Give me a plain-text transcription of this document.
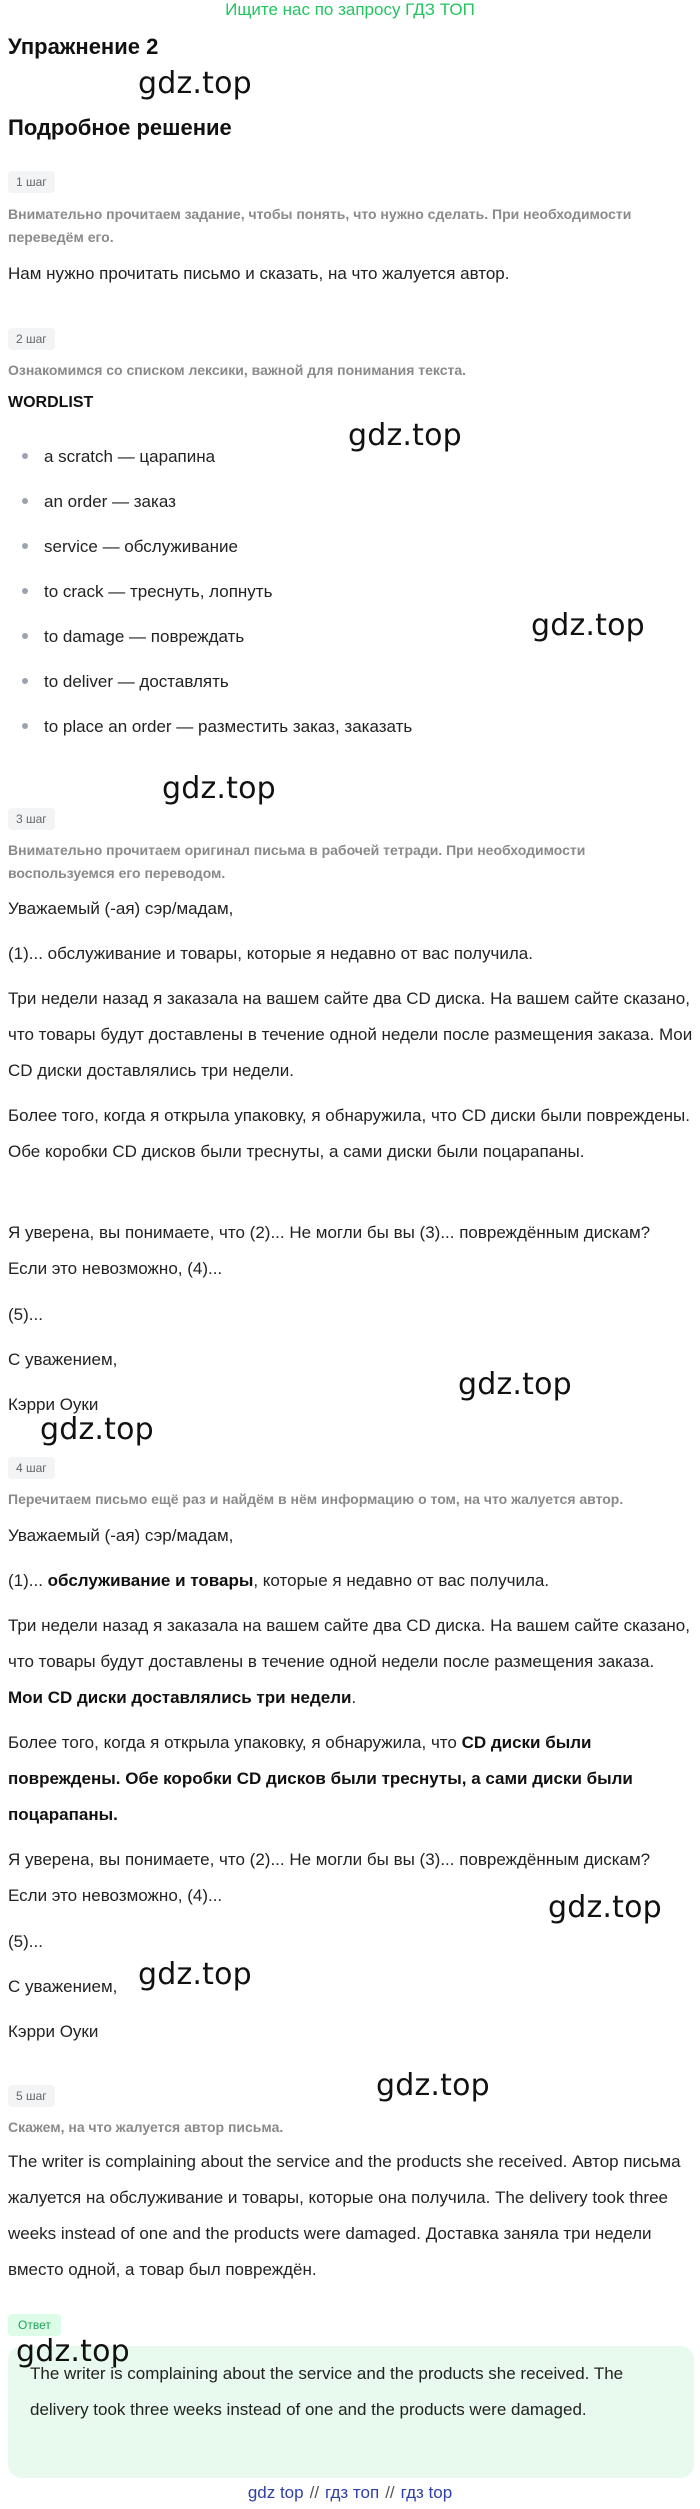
Ищите нас по запросу ГДЗ ТОП
Упражнение 2
gdz.top
Подробное решение
1 шаг
Внимательно прочитаем задание, чтобы понять, что нужно сделать. При необходимости переведём его.
Нам нужно прочитать письмо и сказать, на что жалуется автор.
2 шаг
Ознакомимся со списком лексики, важной для понимания текста.
WORDLIST
gdz.top
a scratch — царапина
an order — заказ
service — обслуживание
to crack — треснуть, лопнуть
gdz.top
to damage — повреждать
to deliver — доставлять
to place an order — разместить заказ, заказать
gdz.top
3 шаг
Внимательно прочитаем оригинал письма в рабочей тетради. При необходимости воспользуемся его переводом.
Уважаемый (-ая) сэр/мадам,
(1)... обслуживание и товары, которые я недавно от вас получила.
Три недели назад я заказала на вашем сайте два CD диска. На вашем сайте сказано, что товары будут доставлены в течение одной недели после размещения заказа. Мои CD диски доставлялись три недели.
Более того, когда я открыла упаковку, я обнаружила, что CD диски были повреждены. Обе коробки CD дисков были треснуты, а сами диски были поцарапаны.
Я уверена, вы понимаете, что (2)... Не могли бы вы (3)... повреждённым дискам? Если это невозможно, (4)...
(5)...
С уважением,
gdz.top
Кэрри Оуки
gdz.top
4 шаг
Перечитаем письмо ещё раз и найдём в нём информацию о том, на что жалуется автор.
Уважаемый (-ая) сэр/мадам,
(1)... обслуживание и товары, которые я недавно от вас получила.
Три недели назад я заказала на вашем сайте два CD диска. На вашем сайте сказано, что товары будут доставлены в течение одной недели после размещения заказа. Мои CD диски доставлялись три недели.
Более того, когда я открыла упаковку, я обнаружила, что CD диски были повреждены. Обе коробки CD дисков были треснуты, а сами диски были поцарапаны.
Я уверена, вы понимаете, что (2)... Не могли бы вы (3)... повреждённым дискам? Если это невозможно, (4)...	gdz.top
(5)...
С уважением, gdz.top
Кэрри Оуки
gdz.top
5 шаг
Скажем, на что жалуется автор письма.
The writer is complaining about the service and the products she received. Автор письма жалуется на обслуживание и товары, которые она получила. The delivery took three weeks instead of one and the products were damaged. Доставка заняла три недели вместо одной, а товар был повреждён.
Ответ
gdz.top
The writer is complaining about the service and the products she received. The delivery took three weeks instead of one and the products were damaged.
gdz top // гдз топ // гдз top
